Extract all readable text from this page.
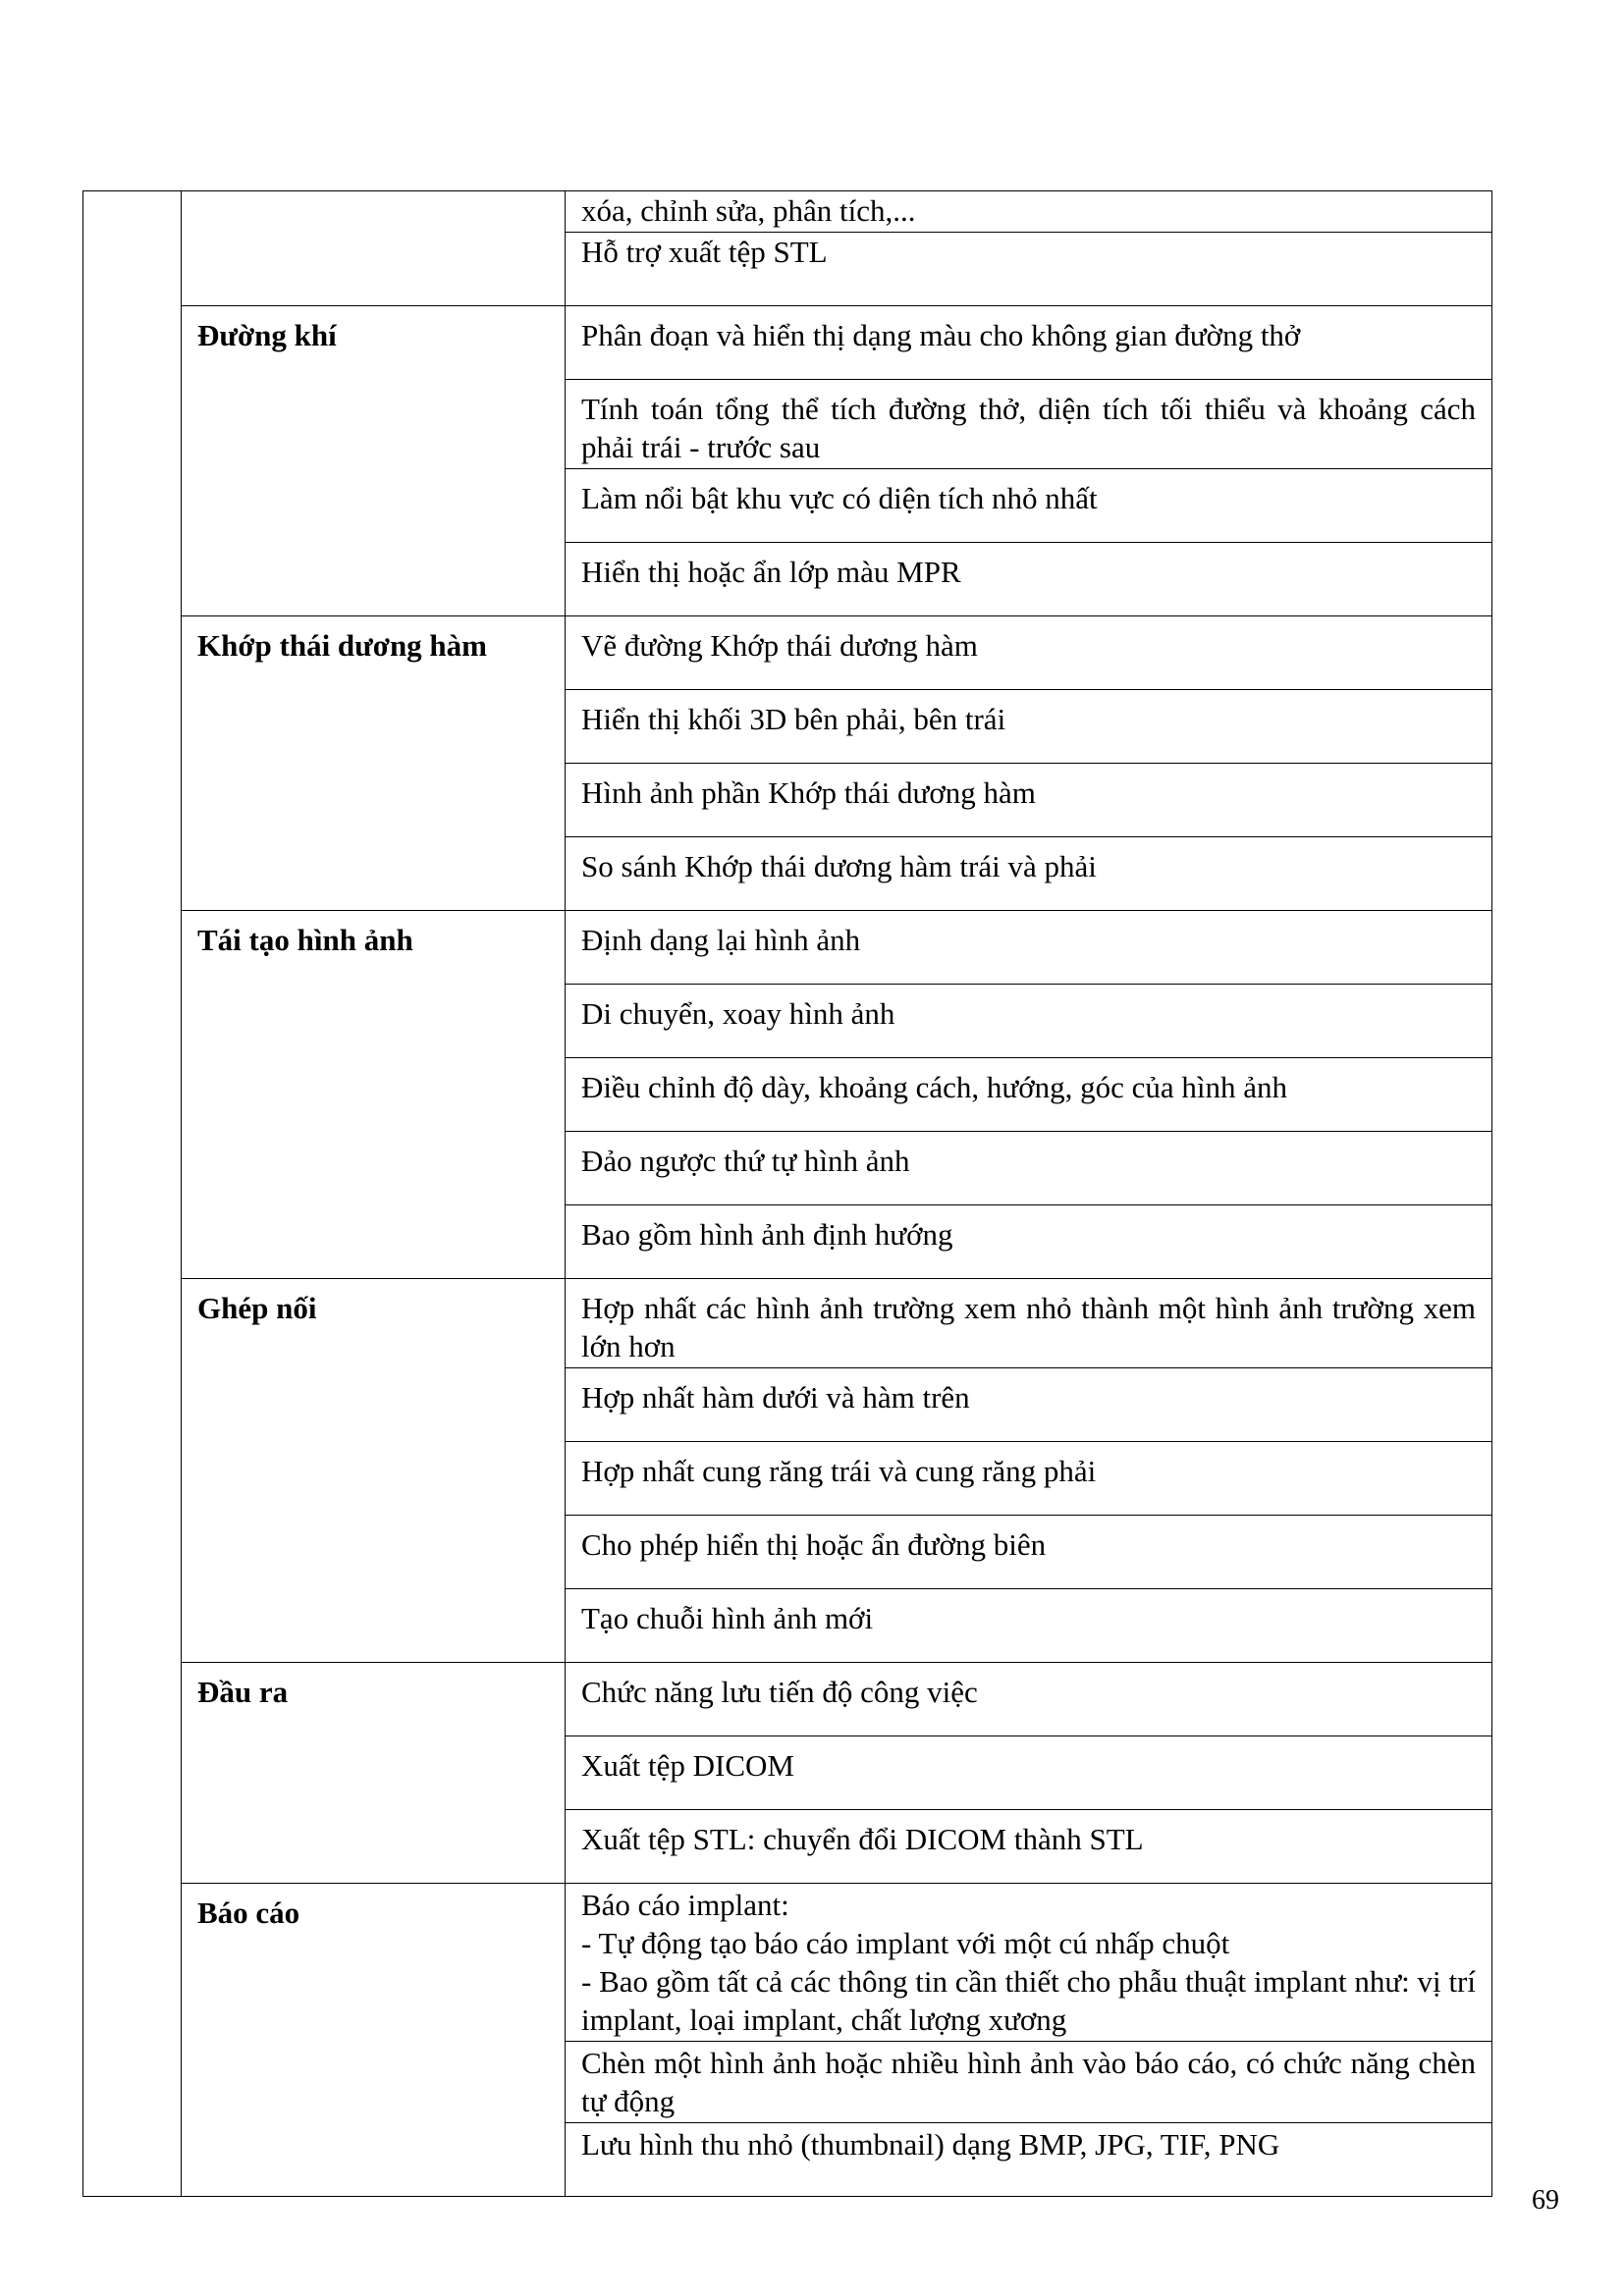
		xóa, chỉnh sửa, phân tích,...
		Hỗ trợ xuất tệp STL
	Đường khí	Phân đoạn và hiển thị dạng màu cho không gian đường thở
		Tính toán tổng thể tích đường thở, diện tích tối thiểu và khoảng cách phải trái - trước sau
		Làm nổi bật khu vực có diện tích nhỏ nhất
		Hiển thị hoặc ẩn lớp màu MPR
	Khớp thái dương hàm	Vẽ đường Khớp thái dương hàm
		Hiển thị khối 3D bên phải, bên trái
		Hình ảnh phần Khớp thái dương hàm
		So sánh Khớp thái dương hàm trái và phải
	Tái tạo hình ảnh	Định dạng lại hình ảnh
		Di chuyển, xoay hình ảnh
		Điều chỉnh độ dày, khoảng cách, hướng, góc của hình ảnh
		Đảo ngược thứ tự hình ảnh
		Bao gồm hình ảnh định hướng
	Ghép nối	Hợp nhất các hình ảnh trường xem nhỏ thành một hình ảnh trường xem lớn hơn
		Hợp nhất hàm dưới và hàm trên
		Hợp nhất cung răng trái và cung răng phải
		Cho phép hiển thị hoặc ẩn đường biên
		Tạo chuỗi hình ảnh mới
	Đầu ra	Chức năng lưu tiến độ công việc
		Xuất tệp DICOM
		Xuất tệp STL: chuyển đổi DICOM thành STL
	Báo cáo	Báo cáo implant:
- Tự động tạo báo cáo implant với một cú nhấp chuột
- Bao gồm tất cả các thông tin cần thiết cho phẫu thuật implant như: vị trí implant, loại implant, chất lượng xương

		Chèn một hình ảnh hoặc nhiều hình ảnh vào báo cáo, có chức năng chèn tự động
		Lưu hình thu nhỏ (thumbnail) dạng BMP, JPG, TIF, PNG
69
